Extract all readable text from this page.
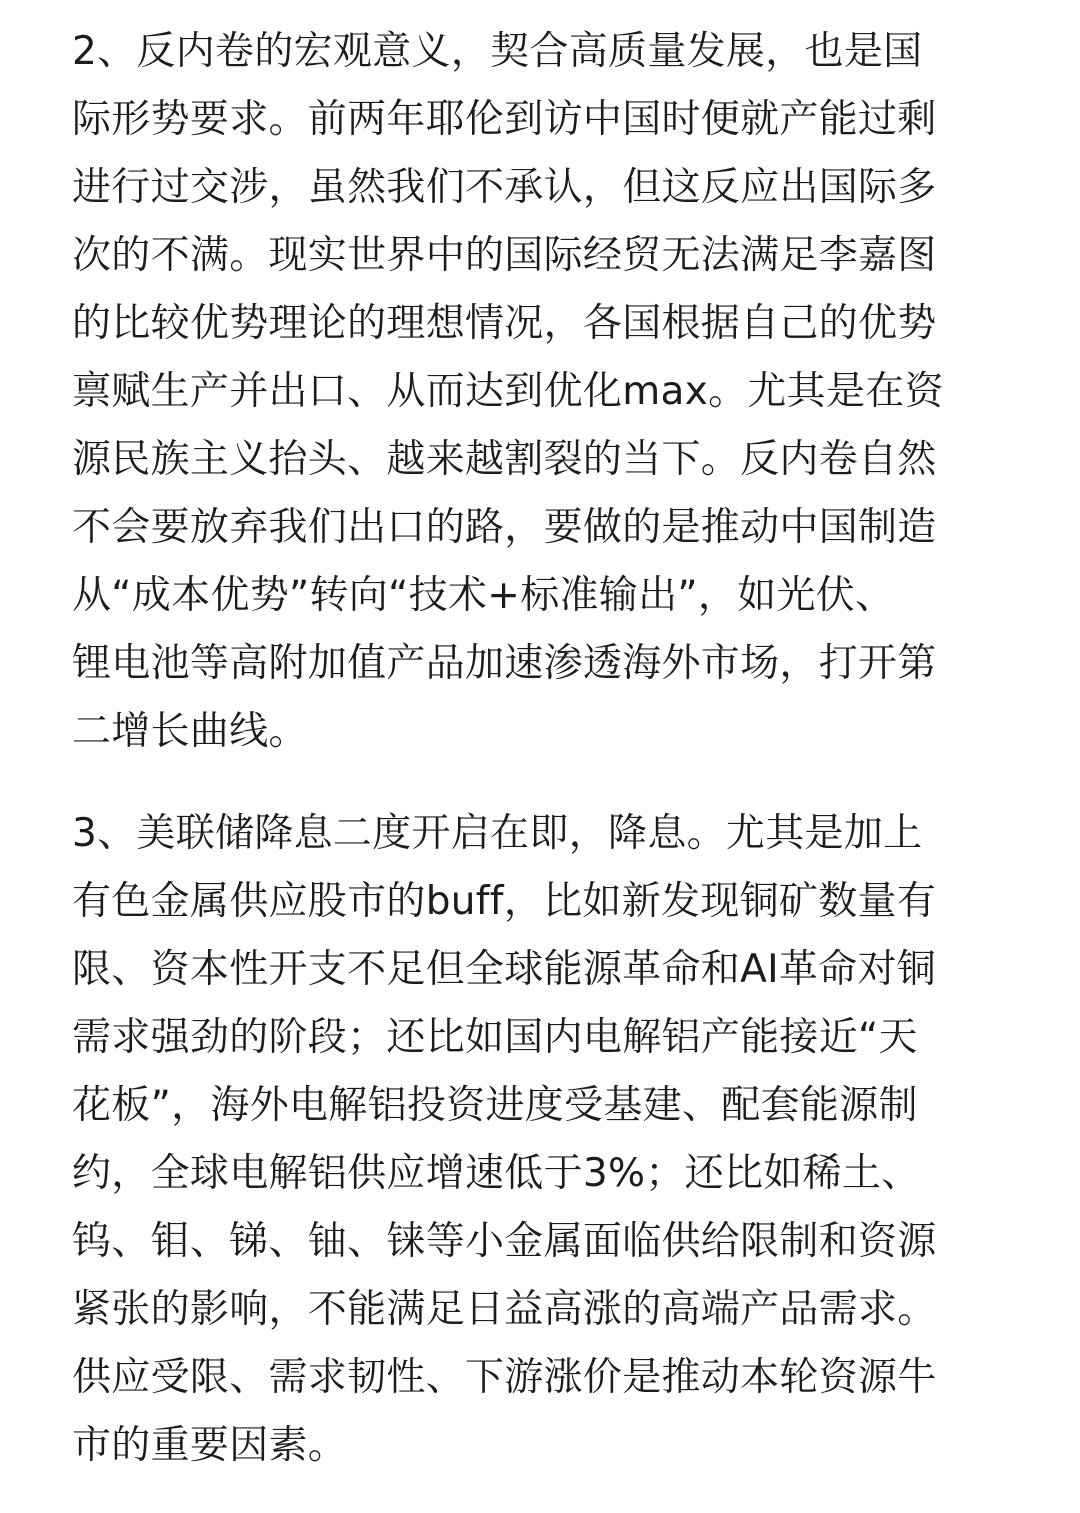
2、反内卷的宏观意义，契合高质量发展，也是国
际形势要求。前两年耶伦到访中国时便就产能过剩
进行过交涉，虽然我们不承认，但这反应出国际多
次的不满。现实世界中的国际经贸无法满足李嘉图
的比较优势理论的理想情况，各国根据自己的优势
禀赋生产并出口、从而达到优化max。尤其是在资
源民族主义抬头、越来越割裂的当下。反内卷自然
不会要放弃我们出口的路，要做的是推动中国制造
从“成本优势”转向“技术+标准输出”，如光伏、
锂电池等高附加值产品加速渗透海外市场，打开第
二增长曲线。
3、美联储降息二度开启在即，降息。尤其是加上
有色金属供应股市的buff，比如新发现铜矿数量有
限、资本性开支不足但全球能源革命和AI革命对铜
需求强劲的阶段；还比如国内电解铝产能接近“天
花板”，海外电解铝投资进度受基建、配套能源制
约，全球电解铝供应增速低于3%；还比如稀土、
钨、钼、锑、铀、铼等小金属面临供给限制和资源
紧张的影响，不能满足日益高涨的高端产品需求。
供应受限、需求韧性、下游涨价是推动本轮资源牛
市的重要因素。
